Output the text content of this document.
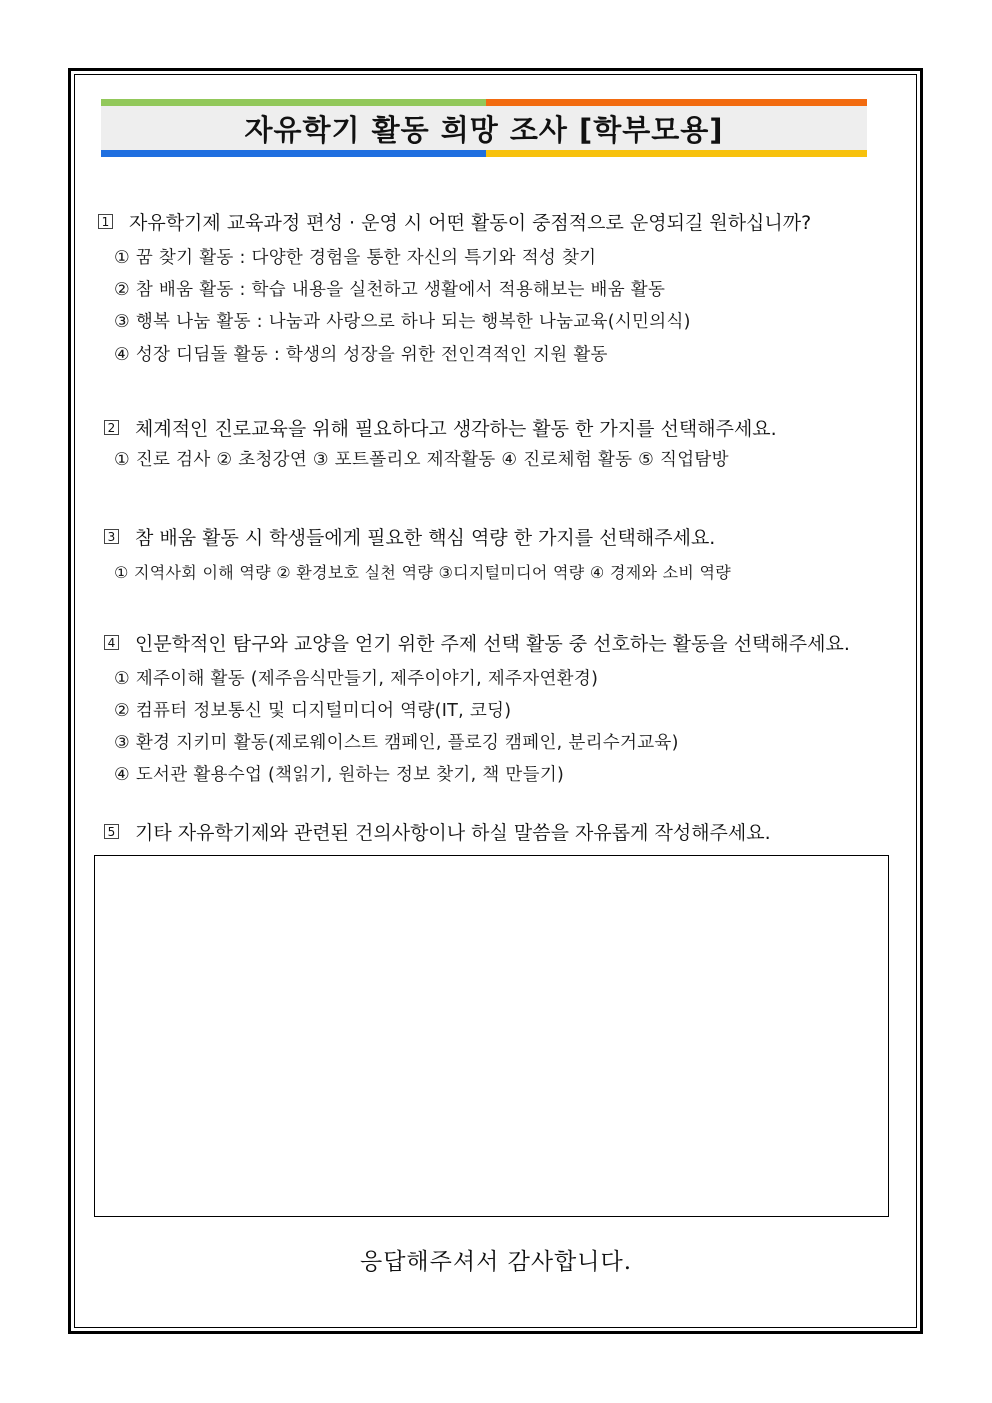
자유학기 활동 희망 조사 [학부모용]
1 자유학기제 교육과정 편성 · 운영 시 어떤 활동이 중점적으로 운영되길 원하십니까?
① 꿈 찾기 활동 : 다양한 경험을 통한 자신의 특기와 적성 찾기
② 참 배움 활동 : 학습 내용을 실천하고 생활에서 적용해보는 배움 활동
③ 행복 나눔 활동 : 나눔과 사랑으로 하나 되는 행복한 나눔교육(시민의식)
④ 성장 디딤돌 활동 : 학생의 성장을 위한 전인격적인 지원 활동
2 체계적인 진로교육을 위해 필요하다고 생각하는 활동 한 가지를 선택해주세요.
① 진로 검사 ② 초청강연 ③ 포트폴리오 제작활동 ④ 진로체험 활동 ⑤ 직업탐방
3 참 배움 활동 시 학생들에게 필요한 핵심 역량 한 가지를 선택해주세요.
① 지역사회 이해 역량 ② 환경보호 실천 역량 ③디지털미디어 역량 ④ 경제와 소비 역량
4 인문학적인 탐구와 교양을 얻기 위한 주제 선택 활동 중 선호하는 활동을 선택해주세요.
① 제주이해 활동 (제주음식만들기, 제주이야기, 제주자연환경)
② 컴퓨터 정보통신 및 디지털미디어 역량(IT, 코딩)
③ 환경 지키미 활동(제로웨이스트 캠페인, 플로깅 캠페인, 분리수거교육)
④ 도서관 활용수업 (책읽기, 원하는 정보 찾기, 책 만들기)
5 기타 자유학기제와 관련된 건의사항이나 하실 말씀을 자유롭게 작성해주세요.
응답해주셔서 감사합니다.
